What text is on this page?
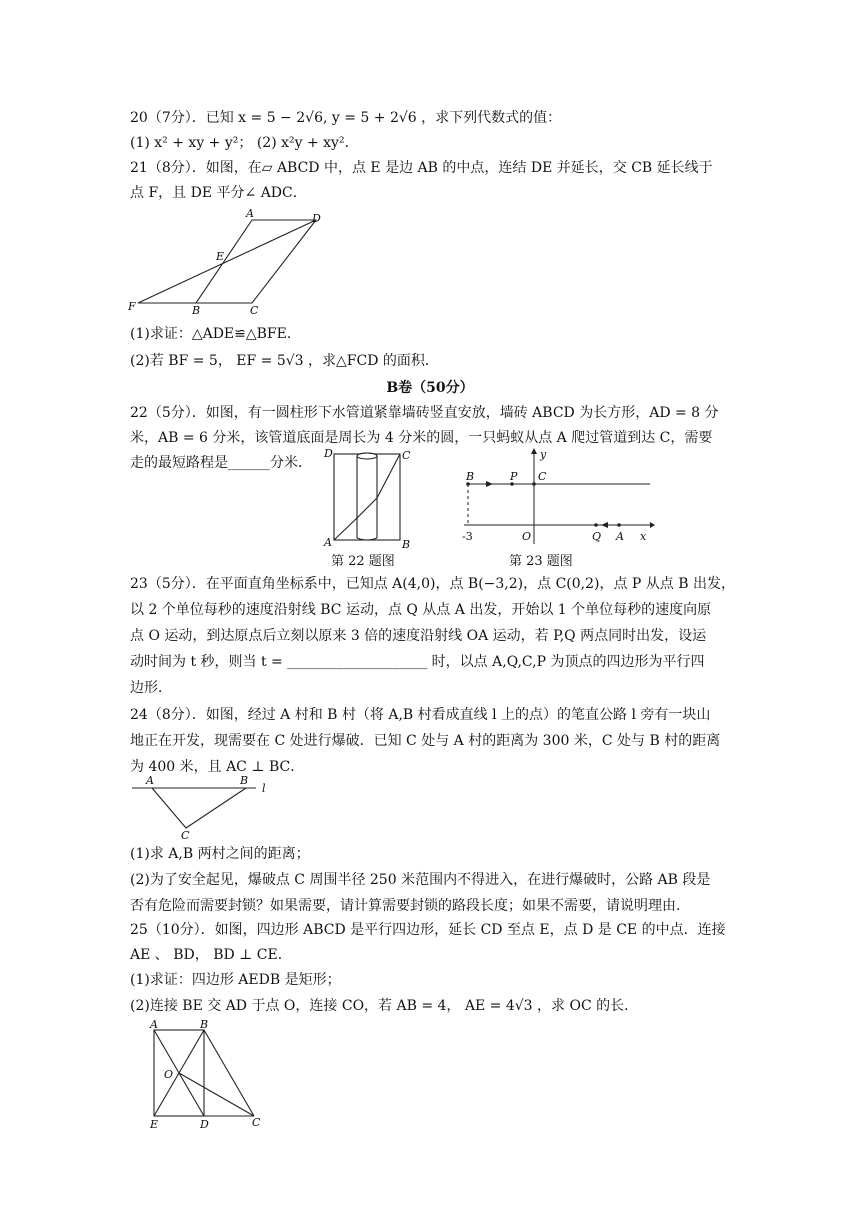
20（7分）．已知 x = 5 − 2√6, y = 5 + 2√6 ，求下列代数式的值：
(1) x² + xy + y²； (2) x²y + xy²．
21（8分）．如图，在▱ ABCD 中，点 E 是边 AB 的中点，连结 DE 并延长，交 CB 延长线于
点 F，且 DE 平分∠ ADC．
A	D
E
F	B	C
(1)求证：△ADE≌△BFE．
(2)若 BF = 5， EF = 5√3 ，求△FCD 的面积．
B卷（50分）
22（5分）．如图，有一圆柱形下水管道紧靠墙砖竖直安放，墙砖 ABCD 为长方形，AD = 8 分
米，AB = 6 分米，该管道底面是周长为 4 分米的圆，一只蚂蚁从点 A 爬过管道到达 C，需要
走的最短路程是______分米．
D	C
A	B
第 22 题图
y
B	P C
-3	O	Q A x
第 23 题图
23（5分）．在平面直角坐标系中，已知点 A(4,0)，点 B(−3,2)，点 C(0,2)，点 P 从点 B 出发，
以 2 个单位每秒的速度沿射线 BC 运动，点 Q 从点 A 出发，开始以 1 个单位每秒的速度向原
点 O 运动，到达原点后立刻以原来 3 倍的速度沿射线 OA 运动，若 P,Q 两点同时出发，设运
动时间为 t 秒，则当 t = ____________________ 时，以点 A,Q,C,P 为顶点的四边形为平行四
边形．
24（8分）．如图，经过 A 村和 B 村（将 A,B 村看成直线 l 上的点）的笔直公路 l 旁有一块山
地正在开发，现需要在 C 处进行爆破．已知 C 处与 A 村的距离为 300 米，C 处与 B 村的距离
为 400 米，且 AC ⊥ BC．
A	B
l
C
(1)求 A,B 两村之间的距离；
(2)为了安全起见，爆破点 C 周围半径 250 米范围内不得进入，在进行爆破时，公路 AB 段是
否有危险而需要封锁？如果需要，请计算需要封锁的路段长度；如果不需要，请说明理由．
25（10分）．如图，四边形 ABCD 是平行四边形，延长 CD 至点 E，点 D 是 CE 的中点．连接
AE 、 BD， BD ⊥ CE．
(1)求证：四边形 AEDB 是矩形；
(2)连接 BE 交 AD 于点 O，连接 CO，若 AB = 4， AE = 4√3 ，求 OC 的长．
A	B
O
E	D	C
